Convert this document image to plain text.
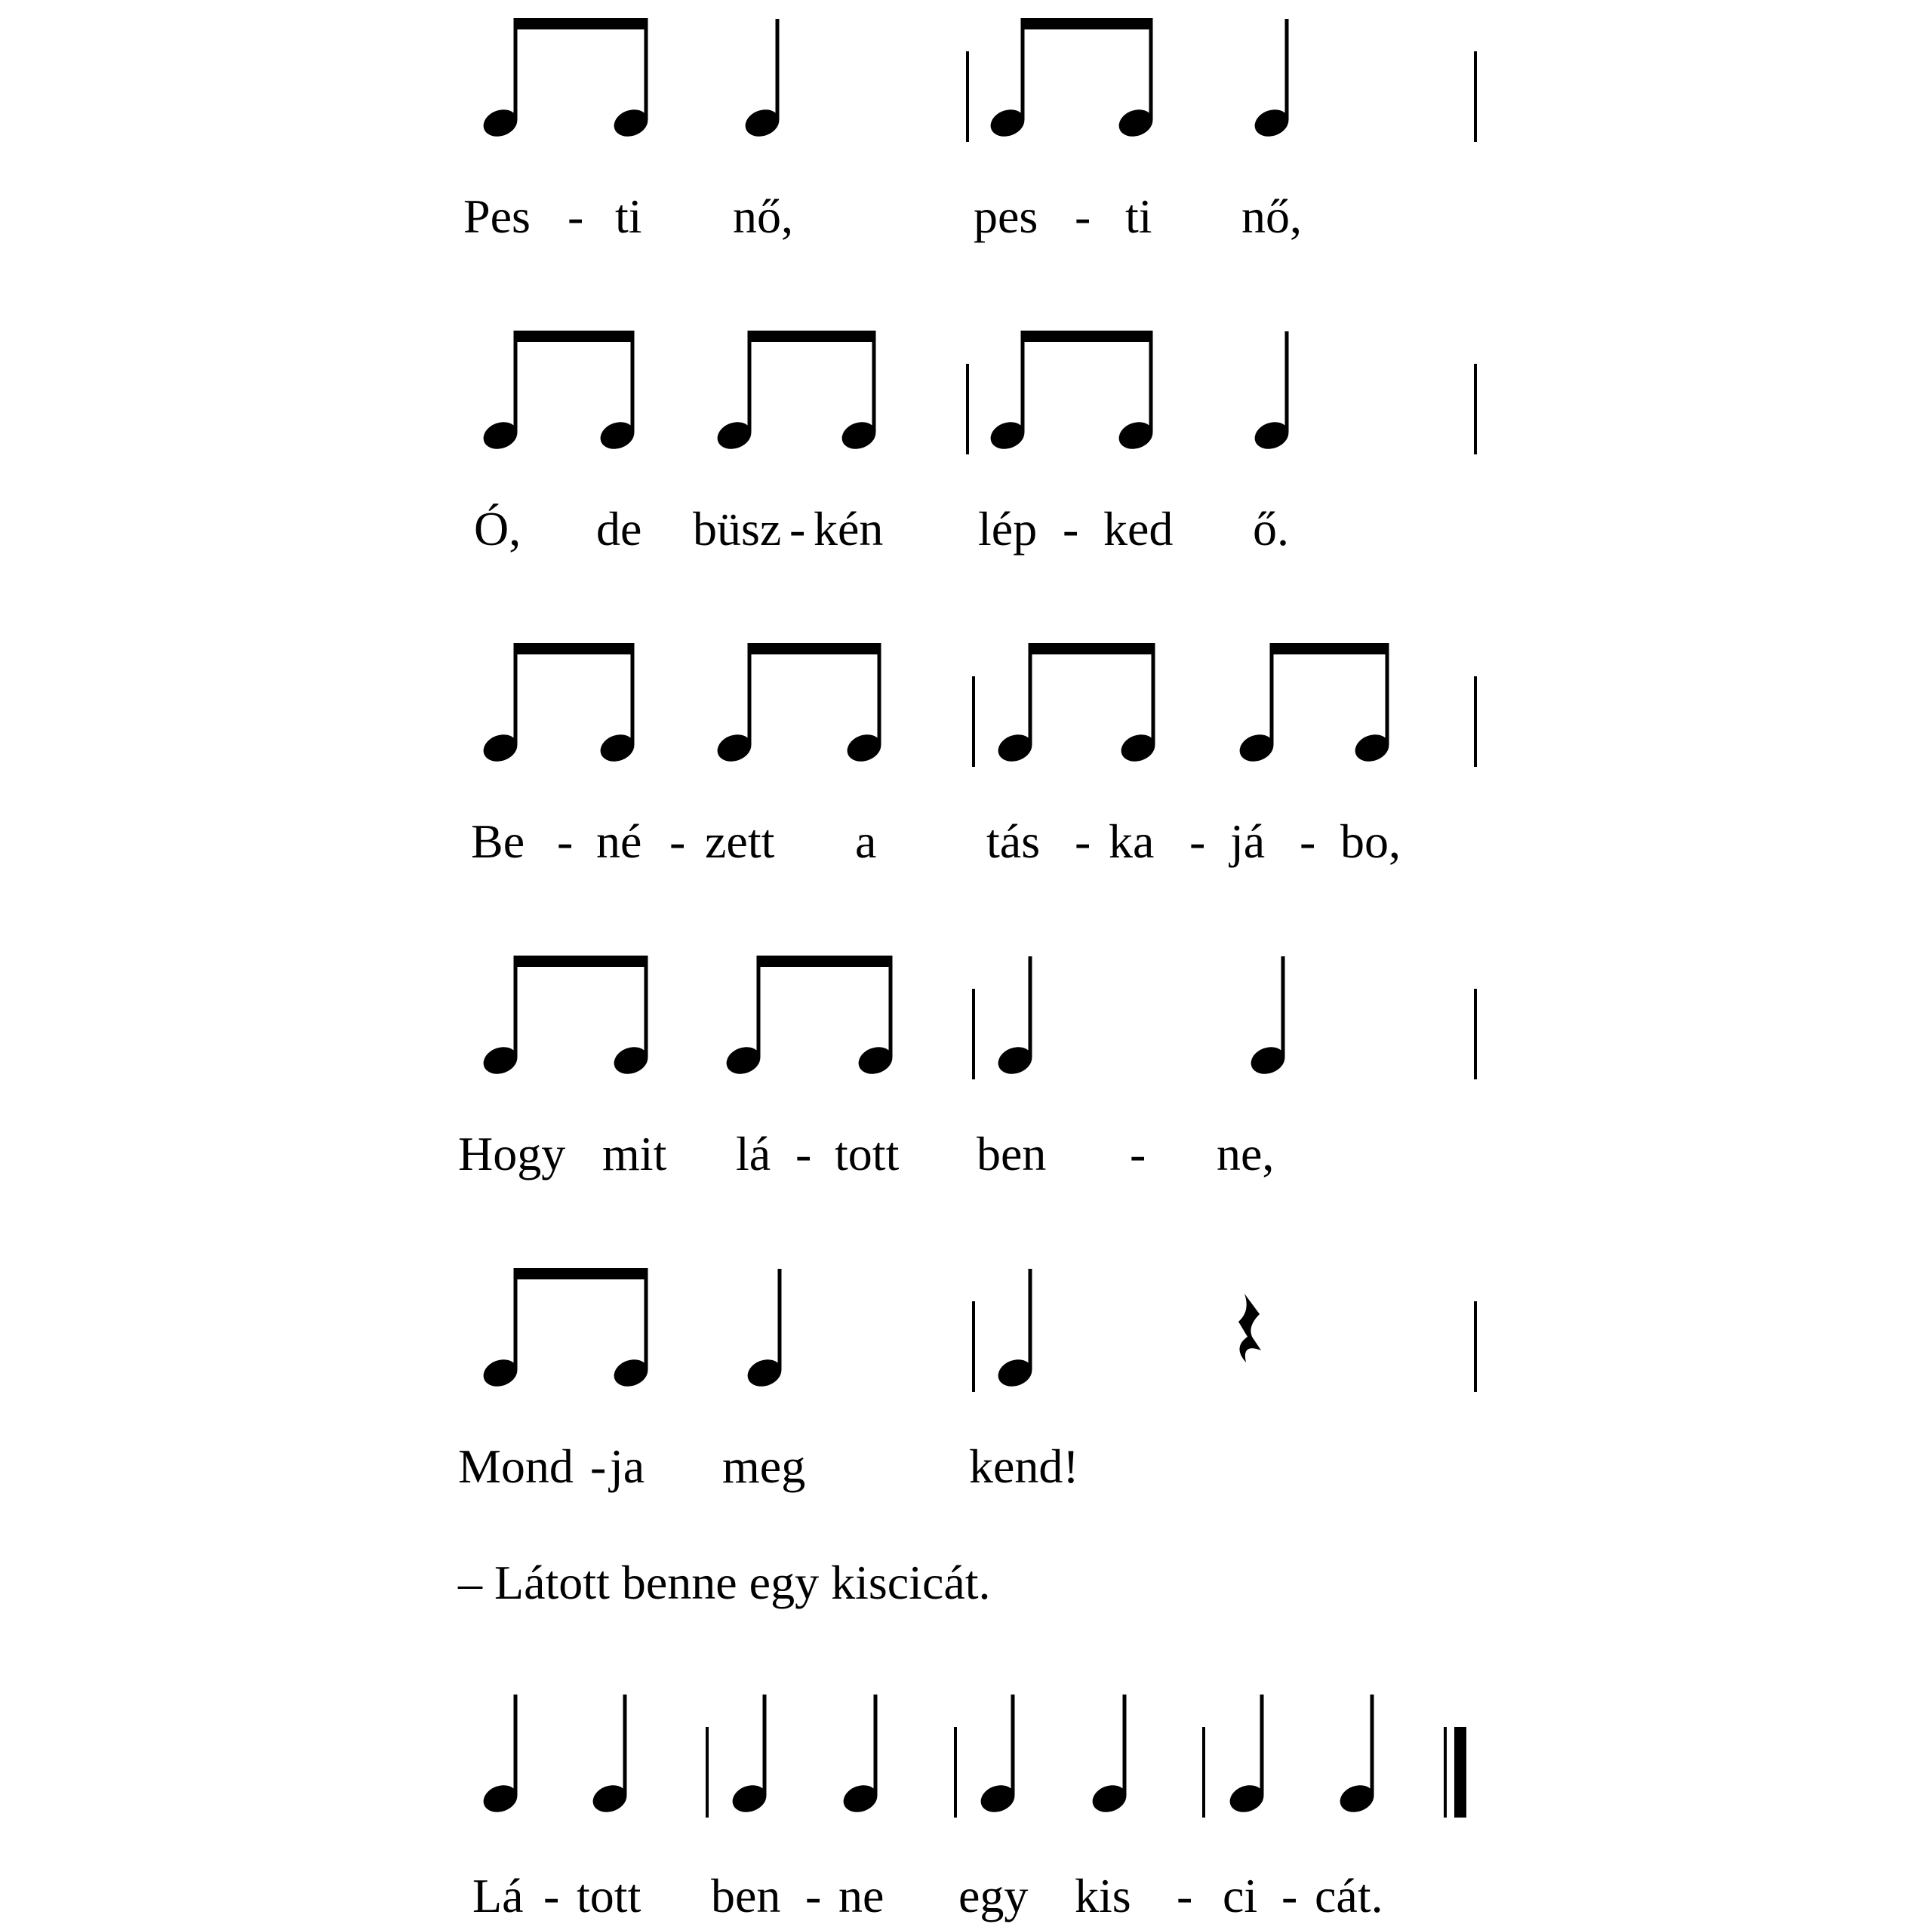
Pes - ti nő,	pes - ti nő,
Ó, de büsz - kén lép - ked ő.
Be - né - zett a tás - ka - já - bo,
Hogy mit lá - tott ben - ne,
Mond - ja meg	kend!
– Látott benne egy kiscicát.
Lá - tott ben - ne egy kis - ci - cát.
